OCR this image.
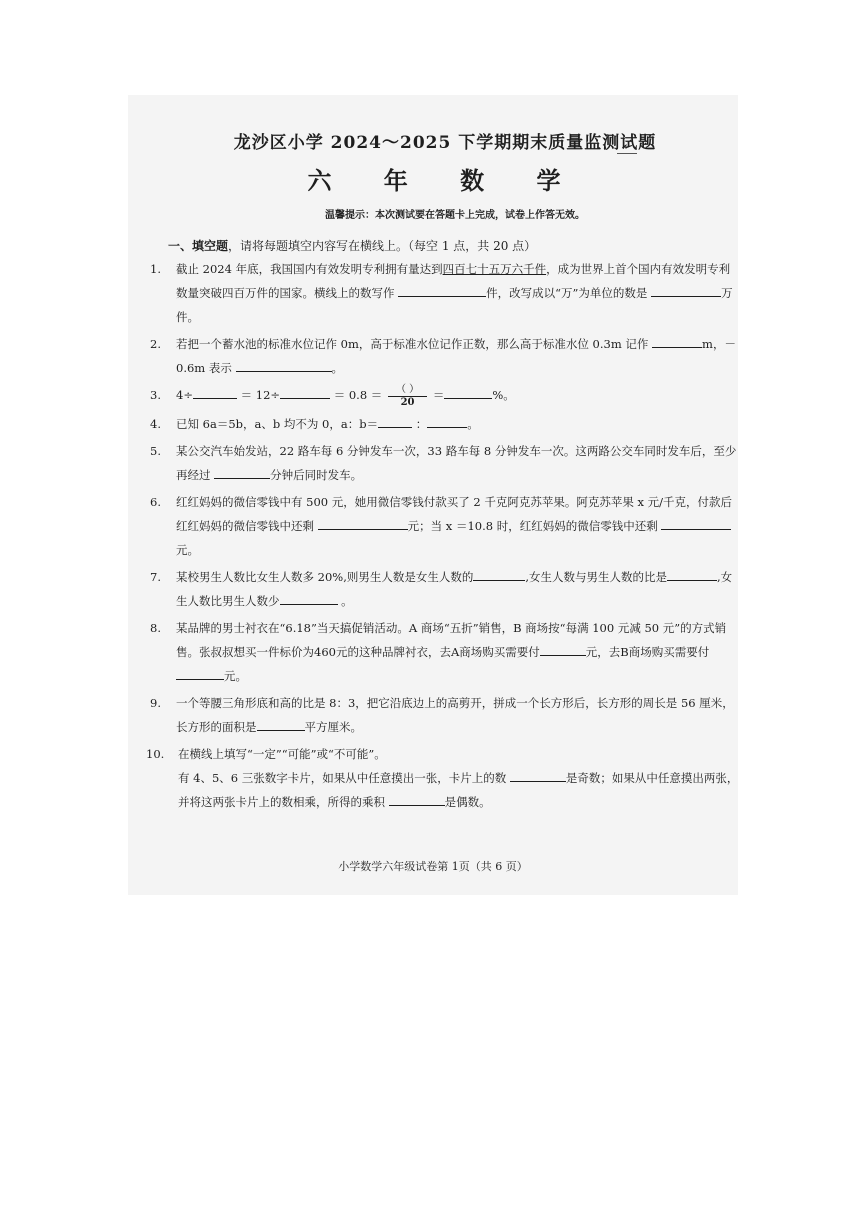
龙沙区小学 2024～2025 下学期期末质量监测试题
六 年 数 学
温馨提示：本次测试要在答题卡上完成，试卷上作答无效。
一、填空题，请将每题填空内容写在横线上。（每空 1 点，共 20 点）
1.	截止 2024 年底，我国国内有效发明专利拥有量达到四百七十五万六千件，成为世界上首个国内有效发明专利数量突破四百万件的国家。横线上的数写作	件，改写成以“万”为单位的数是	万件。
2.	若把一个蓄水池的标准水位记作 0m，高于标准水位记作正数，那么高于标准水位 0.3m 记作	m，－0.6m 表示	。
3.	4÷	＝ 12÷	＝ $0.8 = \frac{( )}{20}$ ＝	%。
4.	已知 6a＝5b，a、b 均不为 0，a：b＝	：	。
5.	某公交汽车始发站，22 路车每 6 分钟发车一次，33 路车每 8 分钟发车一次。这两路公交车同时发车后，至少再经过	分钟后同时发车。
6.	红红妈妈的微信零钱中有 500 元，她用微信零钱付款买了 2 千克阿克苏苹果。阿克苏苹果 x 元/千克，付款后红红妈妈的微信零钱中还剩	元；当 x ＝10.8 时，红红妈妈的微信零钱中还剩 元。
7.	某校男生人数比女生人数多 20%,则男生人数是女生人数的	,女生人数与男生人数的比是	,女生人数比男生人数少	。
8.	某品牌的男士衬衣在“6.18”当天搞促销活动。A 商场“五折”销售，B 商场按“每满 100 元减 50 元”的方式销售。张叔叔想买一件标价为460元的这种品牌衬衣，去A商场购买需要付	元，去B商场购买需要付元。
9.	一个等腰三角形底和高的比是 8：3，把它沿底边上的高剪开，拼成一个长方形后，长方形的周长是 56 厘米，长方形的面积是	平方厘米。
10.	在横线上填写“一定”“可能”或“不可能”。
有 4、5、6 三张数字卡片，如果从中任意摸出一张，卡片上的数	是奇数；如果从中任意摸出两张，并将这两张卡片上的数相乘，所得的乘积	是偶数。
小学数学六年级试卷第 1页（共 6 页）
